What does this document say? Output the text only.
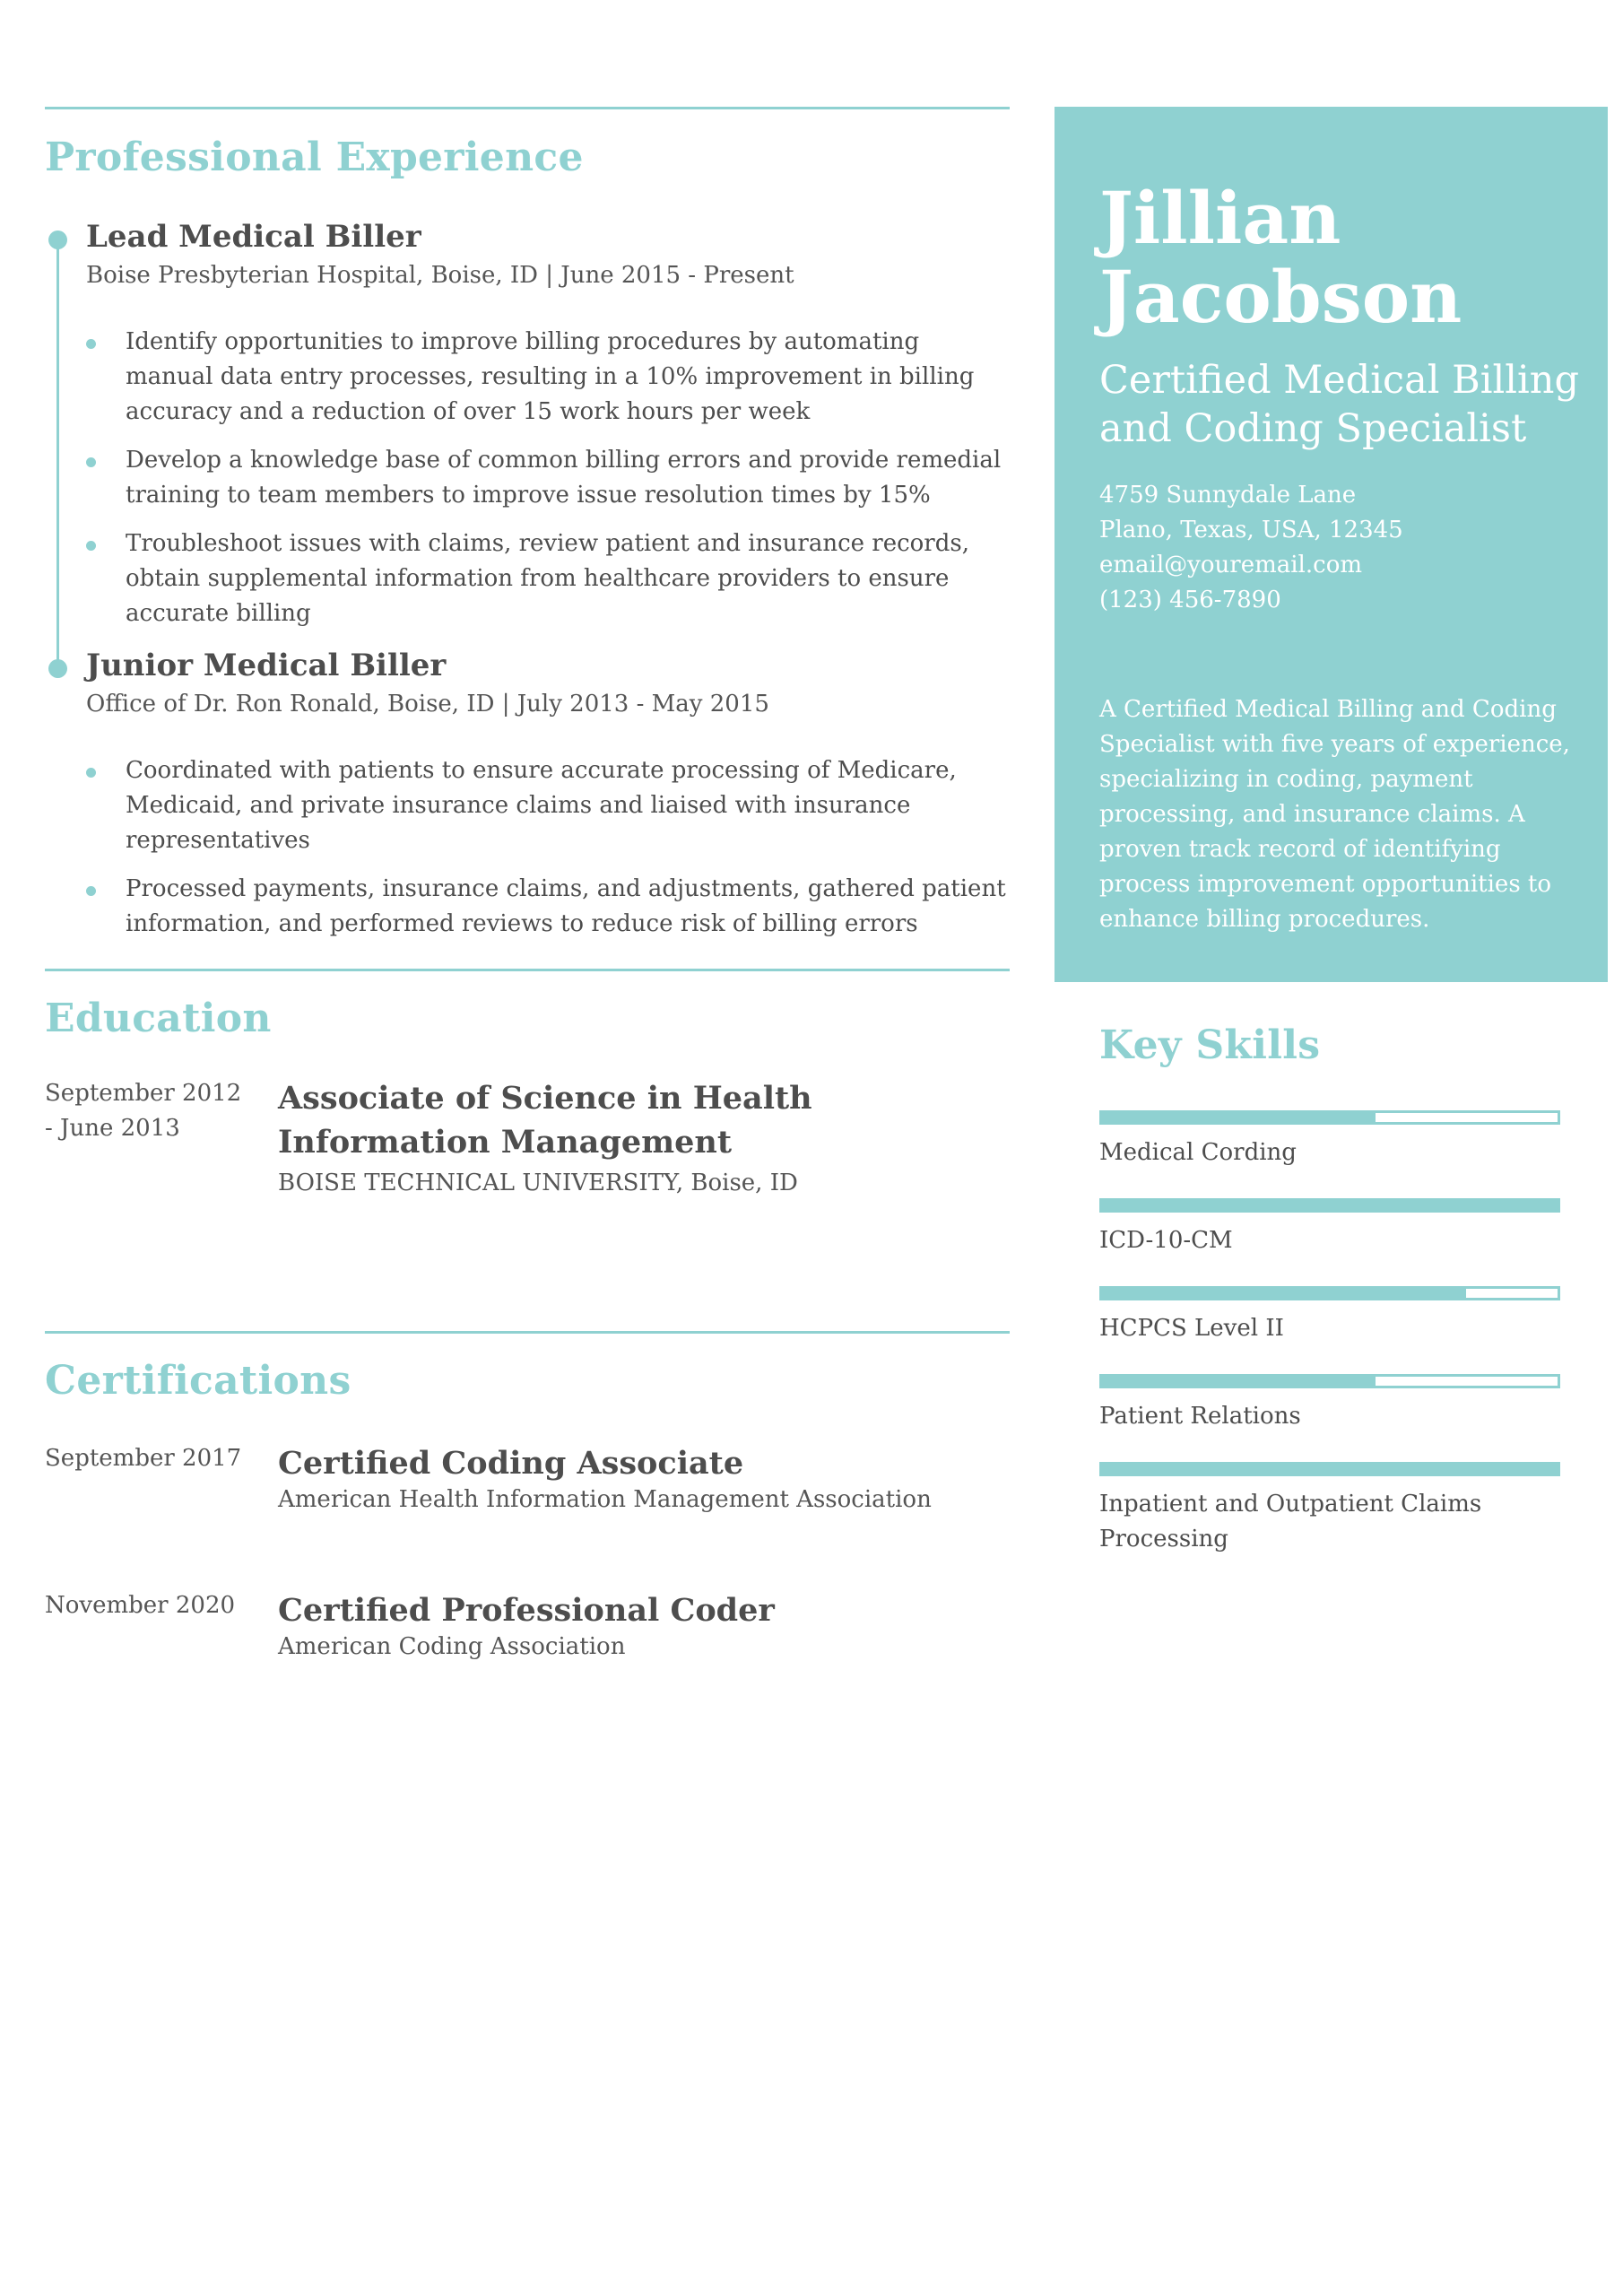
Professional Experience
Lead Medical Biller
Boise Presbyterian Hospital, Boise, ID | June 2015 - Present
Identify opportunities to improve billing procedures by automating manual data entry processes, resulting in a 10% improvement in billing accuracy and a reduction of over 15 work hours per week
Develop a knowledge base of common billing errors and provide remedial training to team members to improve issue resolution times by 15%
Troubleshoot issues with claims, review patient and insurance records, obtain supplemental information from healthcare providers to ensure accurate billing
Junior Medical Biller
Office of Dr. Ron Ronald, Boise, ID | July 2013 - May 2015
Coordinated with patients to ensure accurate processing of Medicare, Medicaid, and private insurance claims and liaised with insurance representatives
Processed payments, insurance claims, and adjustments, gathered patient information, and performed reviews to reduce risk of billing errors
Education
September 2012 - June 2013
Associate of Science in Health Information Management
BOISE TECHNICAL UNIVERSITY, Boise, ID
Certifications
September 2017	Certified Coding Associate
American Health Information Management Association
November 2020	Certified Professional Coder
American Coding Association
Jillian Jacobson
Certified Medical Billing and Coding Specialist
4759 Sunnydale Lane
Plano, Texas, USA, 12345
email@youremail.com
(123) 456-7890
A Certified Medical Billing and Coding Specialist with five years of experience, specializing in coding, payment processing, and insurance claims. A proven track record of identifying process improvement opportunities to enhance billing procedures.
Key Skills
Medical Cording
ICD-10-CM
HCPCS Level II
Patient Relations
Inpatient and Outpatient Claims Processing
